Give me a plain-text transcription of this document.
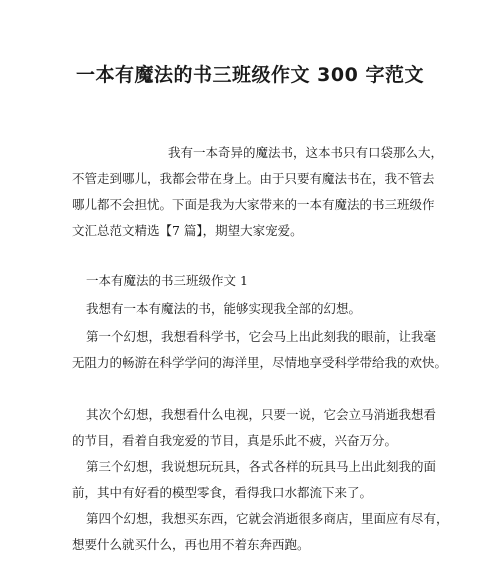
一本有魔法的书三班级作文 300 字范文

我有一本奇异的魔法书，这本书只有口袋那么大，

不管走到哪儿，我都会带在身上。由于只要有魔法书在，我不管去

哪儿都不会担忧。下面是我为大家带来的一本有魔法的书三班级作

文汇总范文精选【7 篇】，期望大家宠爱。

一本有魔法的书三班级作文 1

我想有一本有魔法的书，能够实现我全部的幻想。

第一个幻想，我想看科学书，它会马上出此刻我的眼前，让我毫

无阻力的畅游在科学学问的海洋里，尽情地享受科学带给我的欢快。

其次个幻想，我想看什么电视，只要一说，它会立马消逝我想看

的节目，看着自我宠爱的节目，真是乐此不疲，兴奋万分。

第三个幻想，我说想玩玩具，各式各样的玩具马上出此刻我的面

前，其中有好看的模型零食，看得我口水都流下来了。

第四个幻想，我想买东西，它就会消逝很多商店，里面应有尽有，

想要什么就买什么，再也用不着东奔西跑。
